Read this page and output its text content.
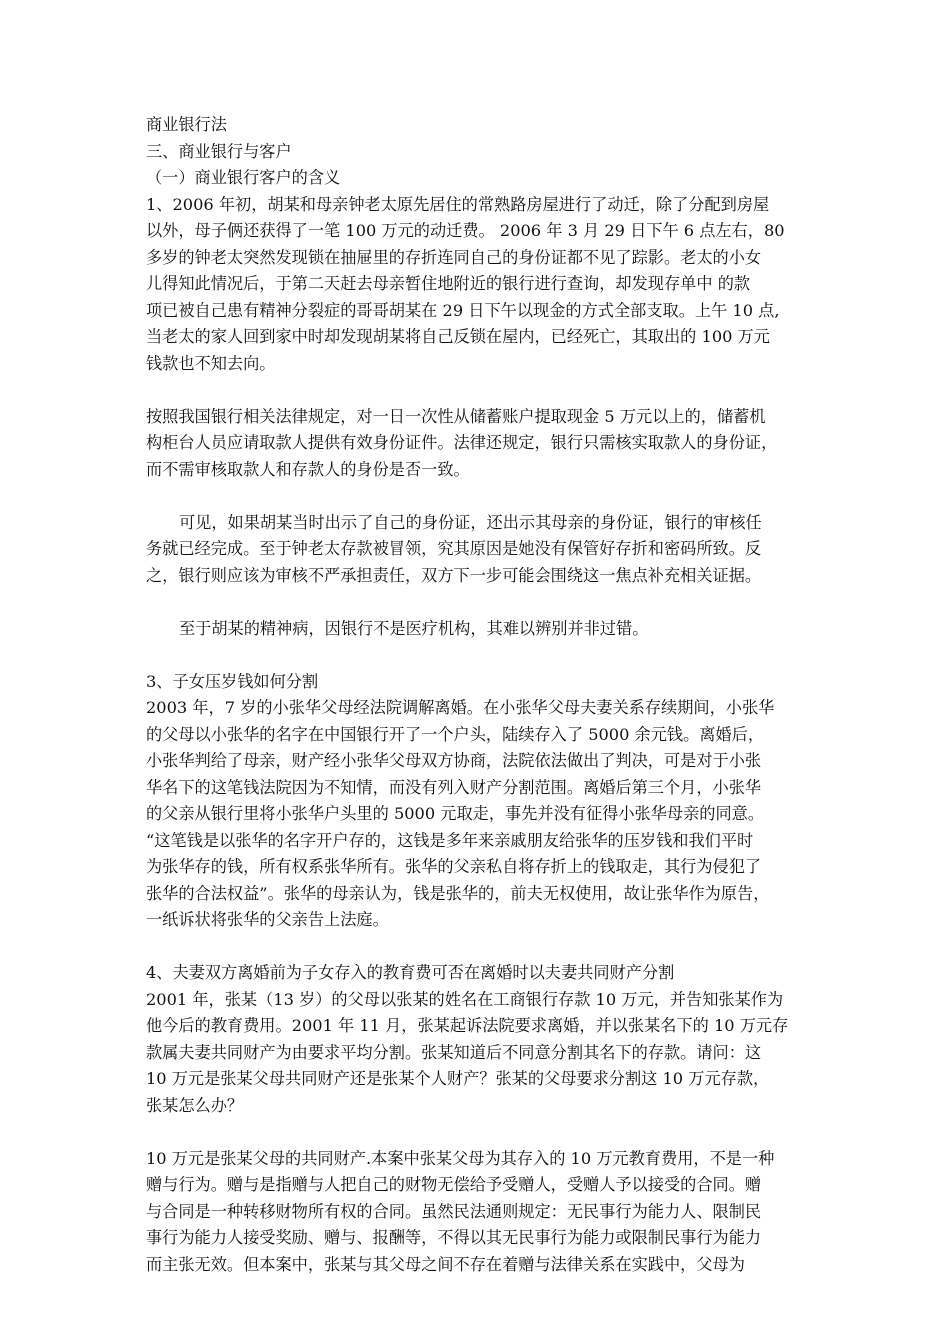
商业银行法
三、商业银行与客户
（一）商业银行客户的含义

1、2006 年初，胡某和母亲钟老太原先居住的常熟路房屋进行了动迁，除了分配到房屋

以外，母子俩还获得了一笔 100 万元的动迁费。 2006 年 3 月 29 日下午 6 点左右，80

多岁的钟老太突然发现锁在抽屉里的存折连同自己的身份证都不见了踪影。老太的小女

儿得知此情况后，于第二天赶去母亲暂住地附近的银行进行查询，却发现存单中 的款

项已被自己患有精神分裂症的哥哥胡某在 29 日下午以现金的方式全部支取。上午 10 点,

当老太的家人回到家中时却发现胡某将自己反锁在屋内，已经死亡，其取出的 100 万元

钱款也不知去向。

按照我国银行相关法律规定，对一日一次性从储蓄账户提取现金 5 万元以上的，储蓄机

构柜台人员应请取款人提供有效身份证件。法律还规定，银行只需核实取款人的身份证，

而不需审核取款人和存款人的身份是否一致。

可见，如果胡某当时出示了自己的身份证，还出示其母亲的身份证，银行的审核任

务就已经完成。至于钟老太存款被冒领，究其原因是她没有保管好存折和密码所致。反

之，银行则应该为审核不严承担责任，双方下一步可能会围绕这一焦点补充相关证据。

至于胡某的精神病，因银行不是医疗机构，其难以辨别并非过错。
3、子女压岁钱如何分割

2003 年，7 岁的小张华父母经法院调解离婚。在小张华父母夫妻关系存续期间，小张华

的父母以小张华的名字在中国银行开了一个户头，陆续存入了 5000 余元钱。离婚后，

小张华判给了母亲，财产经小张华父母双方协商，法院依法做出了判决，可是对于小张

华名下的这笔钱法院因为不知情，而没有列入财产分割范围。离婚后第三个月，小张华

的父亲从银行里将小张华户头里的 5000 元取走，事先并没有征得小张华母亲的同意。

“这笔钱是以张华的名字开户存的，这钱是多年来亲戚朋友给张华的压岁钱和我们平时

为张华存的钱，所有权系张华所有。张华的父亲私自将存折上的钱取走，其行为侵犯了

张华的合法权益”。张华的母亲认为，钱是张华的，前夫无权使用，故让张华作为原告，

一纸诉状将张华的父亲告上法庭。

4、夫妻双方离婚前为子女存入的教育费可否在离婚时以夫妻共同财产分割

2001 年，张某（13 岁）的父母以张某的姓名在工商银行存款 10 万元，并告知张某作为

他今后的教育费用。2001 年 11 月，张某起诉法院要求离婚，并以张某名下的 10 万元存

款属夫妻共同财产为由要求平均分割。张某知道后不同意分割其名下的存款。请问：这

10 万元是张某父母共同财产还是张某个人财产？张某的父母要求分割这 10 万元存款，

张某怎么办？

10 万元是张某父母的共同财产.本案中张某父母为其存入的 10 万元教育费用，不是一种

赠与行为。赠与是指赠与人把自己的财物无偿给予受赠人，受赠人予以接受的合同。赠

与合同是一种转移财物所有权的合同。虽然民法通则规定：无民事行为能力人、限制民

事行为能力人接受奖励、赠与、报酬等，不得以其无民事行为能力或限制民事行为能力

而主张无效。但本案中，张某与其父母之间不存在着赠与法律关系在实践中，父母为
